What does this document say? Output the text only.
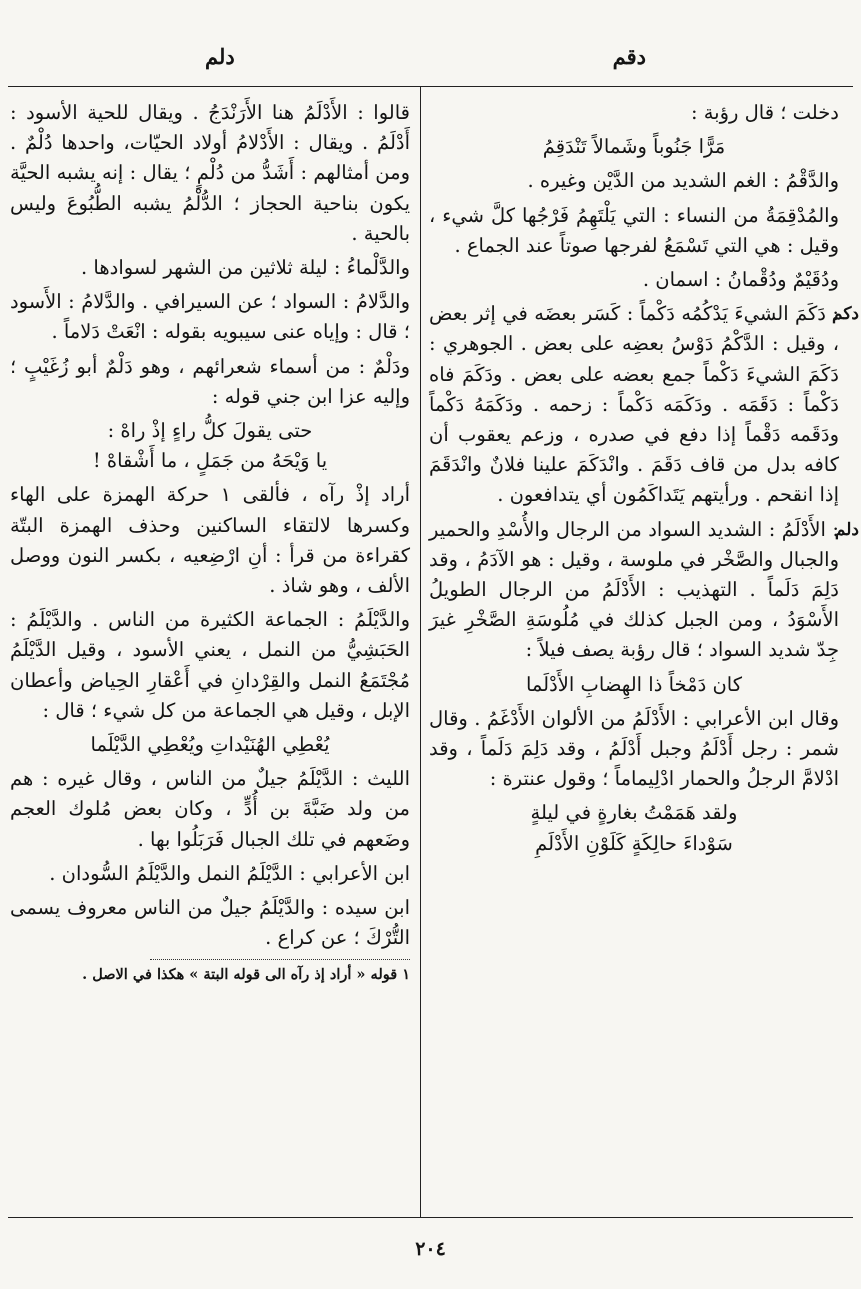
دقم
دلم

دخلت ؛ قال رؤبة :

مَرًّا جَنُوباً وشَمالاً تَنْدَقِمُ

والدَّقْمُ : الغم الشديد من الدَّيْن وغيره .

والمُدْقِمَةُ من النساء : التي يَلْتَهِمُ فَرْجُها كلَّ شيء ، وقيل : هي التي تَسْمَعُ لفرجها صوتاً عند الجماع .

ودُقَيْمٌ ودُقْمانُ : اسمان .

دكم

: دَكَمَ الشيءَ يَدْكُمُه دَكْماً : كَسَر بعضَه في إثر بعض ، وقيل : الدَّكْمُ دَوْسُ بعضِه على بعض . الجوهري : دَكَمَ الشيءَ دَكْماً جمع بعضه على بعض . ودَكَمَ فاه دَكْماً : دَقَمَه . ودَكَمَه دَكْماً : زحمه . ودَكَمَهُ دَكْماً ودَقَمه دَقْماً إذا دفع في صدره ، وزعم يعقوب أن كافه بدل من قاف دَقَمَ . وانْدَكَمَ علينا فلانٌ وانْدَقَمَ إذا انقحم . ورأيتهم يَتَداكَمُون أي يتدافعون .

دلم

: الأَدْلَمُ : الشديد السواد من الرجال والأُسْدِ والحمير والجبال والصَّخْر في ملوسة ، وقيل : هو الآدَمُ ، وقد دَلِمَ دَلَماً . التهذيب : الأَدْلَمُ من الرجال الطويلُ الأَسْوَدُ ، ومن الجبل كذلك في مُلُوسَةِ الصَّخْرِ غيرَ جِدّ شديد السواد ؛ قال رؤبة يصف فيلاً :

كان دَمْخاً ذا الهِضابِ الأَدْلَما

وقال ابن الأعرابي : الأَدْلَمُ من الألوان الأَدْغَمُ . وقال شمر : رجل أَدْلَمُ وجبل أَدْلَمُ ، وقد دَلِمَ دَلَماً ، وقد ادْلامَّ الرجلُ والحمار ادْلِيماماً ؛ وقول عنترة :

ولقد هَمَمْتُ بغارةٍ في ليلةٍ

سَوْداءَ حالِكَةٍ كَلَوْنِ الأَدْلَمِ

قالوا : الأَدْلَمُ هنا الأَرَنْدَجُ . ويقال للحية الأسود : أَدْلَمُ . ويقال : الأَدْلامُ أولاد الحيّات، واحدها دُلْمٌ . ومن أمثالهم : أَشَدُّ من دُلْمٍ ؛ يقال : إنه يشبه الحيَّة يكون بناحية الحجاز ؛ الدُّلْمُ يشبه الطُّبُوعَ وليس بالحية .

والدَّلْماءُ : ليلة ثلاثين من الشهر لسوادها .

والدَّلامُ : السواد ؛ عن السيرافي . والدَّلامُ : الأَسود ؛ قال : وإياه عنى سيبويه بقوله : انْعَتْ دَلاماً .

ودَلْمٌ : من أسماء شعرائهم ، وهو دَلْمٌ أبو زُغَيْبٍ ؛ وإليه عزا ابن جني قوله :

حتى يقولَ كلُّ راءٍ إذْ راهْ :

يا وَيْحَهُ من جَمَلٍ ، ما أَشْقاهْ !

أراد إذْ رآه ، فألقى ١ حركة الهمزة على الهاء وكسرها لالتقاء الساكنين وحذف الهمزة البتّة كقراءة من قرأ : أنِ ارْضِعيه ، بكسر النون ووصل الألف ، وهو شاذ .

والدَّيْلَمُ : الجماعة الكثيرة من الناس . والدَّيْلَمُ : الحَبَشِيُّ من النمل ، يعني الأسود ، وقيل الدَّيْلَمُ مُجْتَمَعُ النمل والقِرْدانِ في أَعْقارِ الحِياض وأعطان الإبل ، وقيل هي الجماعة من كل شيء ؛ قال :

يُعْطِي الهُنَيْداتِ ويُعْطِي الدَّيْلَما

الليث : الدَّيْلَمُ جيلٌ من الناس ، وقال غيره : هم من ولد ضَبَّةَ بن أُدٍّ ، وكان بعض مُلوك العجم وضَعهم في تلك الجبال فَرَبَلُوا بها .

ابن الأعرابي : الدَّيْلَمُ النمل والدَّيْلَمُ السُّودان .

ابن سيده : والدَّيْلَمُ جيلٌ من الناس معروف يسمى التُّرْكَ ؛ عن كراع .

١ قوله « أراد إذ رآه الى قوله البتة » هكذا في الاصل .

٢٠٤
